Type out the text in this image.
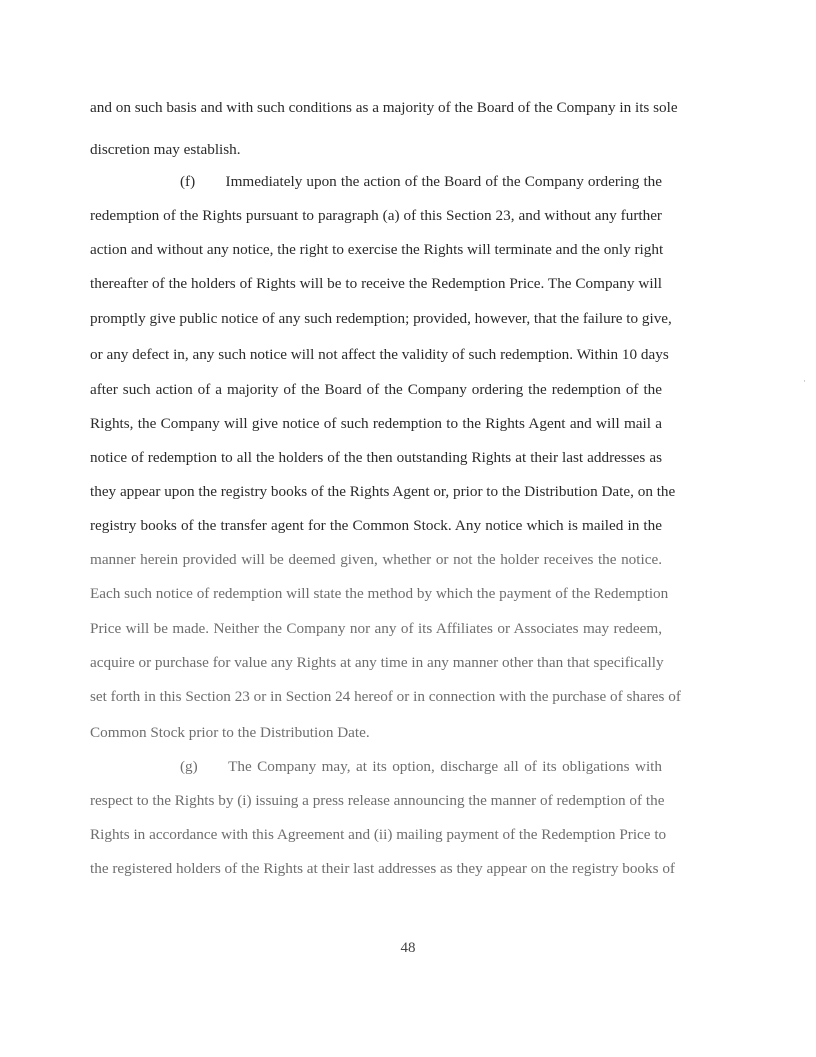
and on such basis and with such conditions as a majority of the Board of the Company in its sole
discretion may establish.
(f)  Immediately upon the action of the Board of the Company ordering the
redemption of the Rights pursuant to paragraph (a) of this Section 23, and without any further
action and without any notice, the right to exercise the Rights will terminate and the only right
thereafter of the holders of Rights will be to receive the Redemption Price. The Company will
promptly give public notice of any such redemption; provided, however, that the failure to give,
or any defect in, any such notice will not affect the validity of such redemption. Within 10 days
after such action of a majority of the Board of the Company ordering the redemption of the
Rights, the Company will give notice of such redemption to the Rights Agent and will mail a
notice of redemption to all the holders of the then outstanding Rights at their last addresses as
they appear upon the registry books of the Rights Agent or, prior to the Distribution Date, on the
registry books of the transfer agent for the Common Stock. Any notice which is mailed in the
manner herein provided will be deemed given, whether or not the holder receives the notice.
Each such notice of redemption will state the method by which the payment of the Redemption
Price will be made. Neither the Company nor any of its Affiliates or Associates may redeem,
acquire or purchase for value any Rights at any time in any manner other than that specifically
set forth in this Section 23 or in Section 24 hereof or in connection with the purchase of shares of
Common Stock prior to the Distribution Date.
(g)  The Company may, at its option, discharge all of its obligations with
respect to the Rights by (i) issuing a press release announcing the manner of redemption of the
Rights in accordance with this Agreement and (ii) mailing payment of the Redemption Price to
the registered holders of the Rights at their last addresses as they appear on the registry books of
48
·
